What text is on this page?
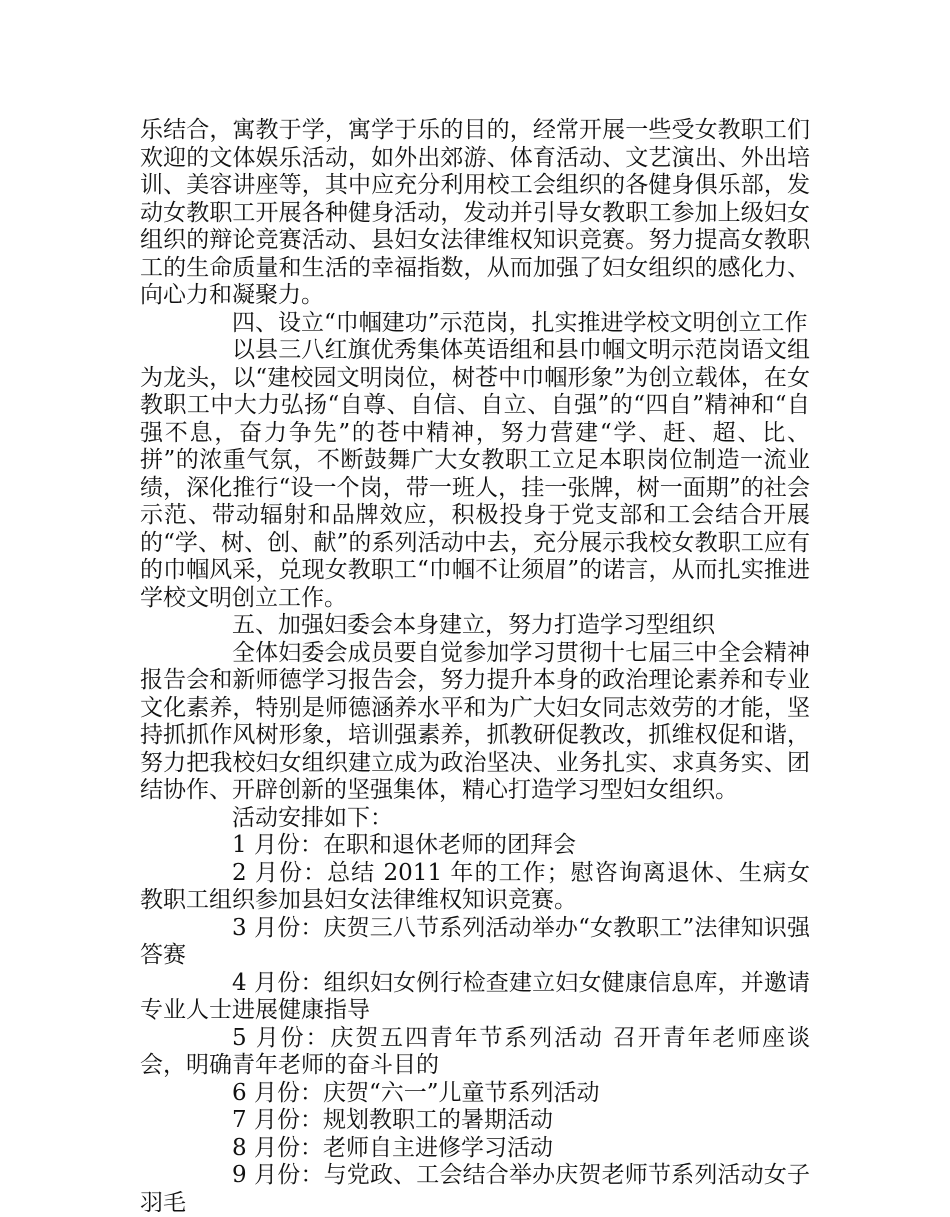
乐结合，寓教于学，寓学于乐的目的，经常开展一些受女教职工们欢迎的文体娱乐活动，如外出郊游、体育活动、文艺演出、外出培训、美容讲座等，其中应充分利用校工会组织的各健身俱乐部，发动女教职工开展各种健身活动，发动并引导女教职工参加上级妇女组织的辩论竞赛活动、县妇女法律维权知识竞赛。努力提高女教职工的生命质量和生活的幸福指数，从而加强了妇女组织的感化力、向心力和凝聚力。

四、设立“巾帼建功”示范岗，扎实推进学校文明创立工作

以县三八红旗优秀集体英语组和县巾帼文明示范岗语文组为龙头，以“建校园文明岗位，树苍中巾帼形象”为创立载体，在女教职工中大力弘扬“自尊、自信、自立、自强”的“四自”精神和“自强不息，奋力争先”的苍中精神，努力营建“学、赶、超、比、拼”的浓重气氛，不断鼓舞广大女教职工立足本职岗位制造一流业绩，深化推行“设一个岗，带一班人，挂一张牌，树一面期”的社会示范、带动辐射和品牌效应，积极投身于党支部和工会结合开展的“学、树、创、献”的系列活动中去，充分展示我校女教职工应有的巾帼风采，兑现女教职工“巾帼不让须眉”的诺言，从而扎实推进学校文明创立工作。

五、加强妇委会本身建立，努力打造学习型组织

全体妇委会成员要自觉参加学习贯彻十七届三中全会精神报告会和新师德学习报告会，努力提升本身的政治理论素养和专业文化素养，特别是师德涵养水平和为广大妇女同志效劳的才能，坚持抓抓作风树形象，培训强素养，抓教研促教改，抓维权促和谐，努力把我校妇女组织建立成为政治坚决、业务扎实、求真务实、团结协作、开辟创新的坚强集体，精心打造学习型妇女组织。

活动安排如下：

1 月份：在职和退休老师的团拜会

2 月份：总结 2011 年的工作；慰咨询离退休、生病女教职工组织参加县妇女法律维权知识竞赛。

3 月份：庆贺三八节系列活动举办“女教职工”法律知识强答赛

4 月份：组织妇女例行检查建立妇女健康信息库，并邀请专业人士进展健康指导

5 月份：庆贺五四青年节系列活动 召开青年老师座谈会，明确青年老师的奋斗目的

6 月份：庆贺“六一”儿童节系列活动

7 月份：规划教职工的暑期活动

8 月份：老师自主进修学习活动

9 月份：与党政、工会结合举办庆贺老师节系列活动女子羽毛
